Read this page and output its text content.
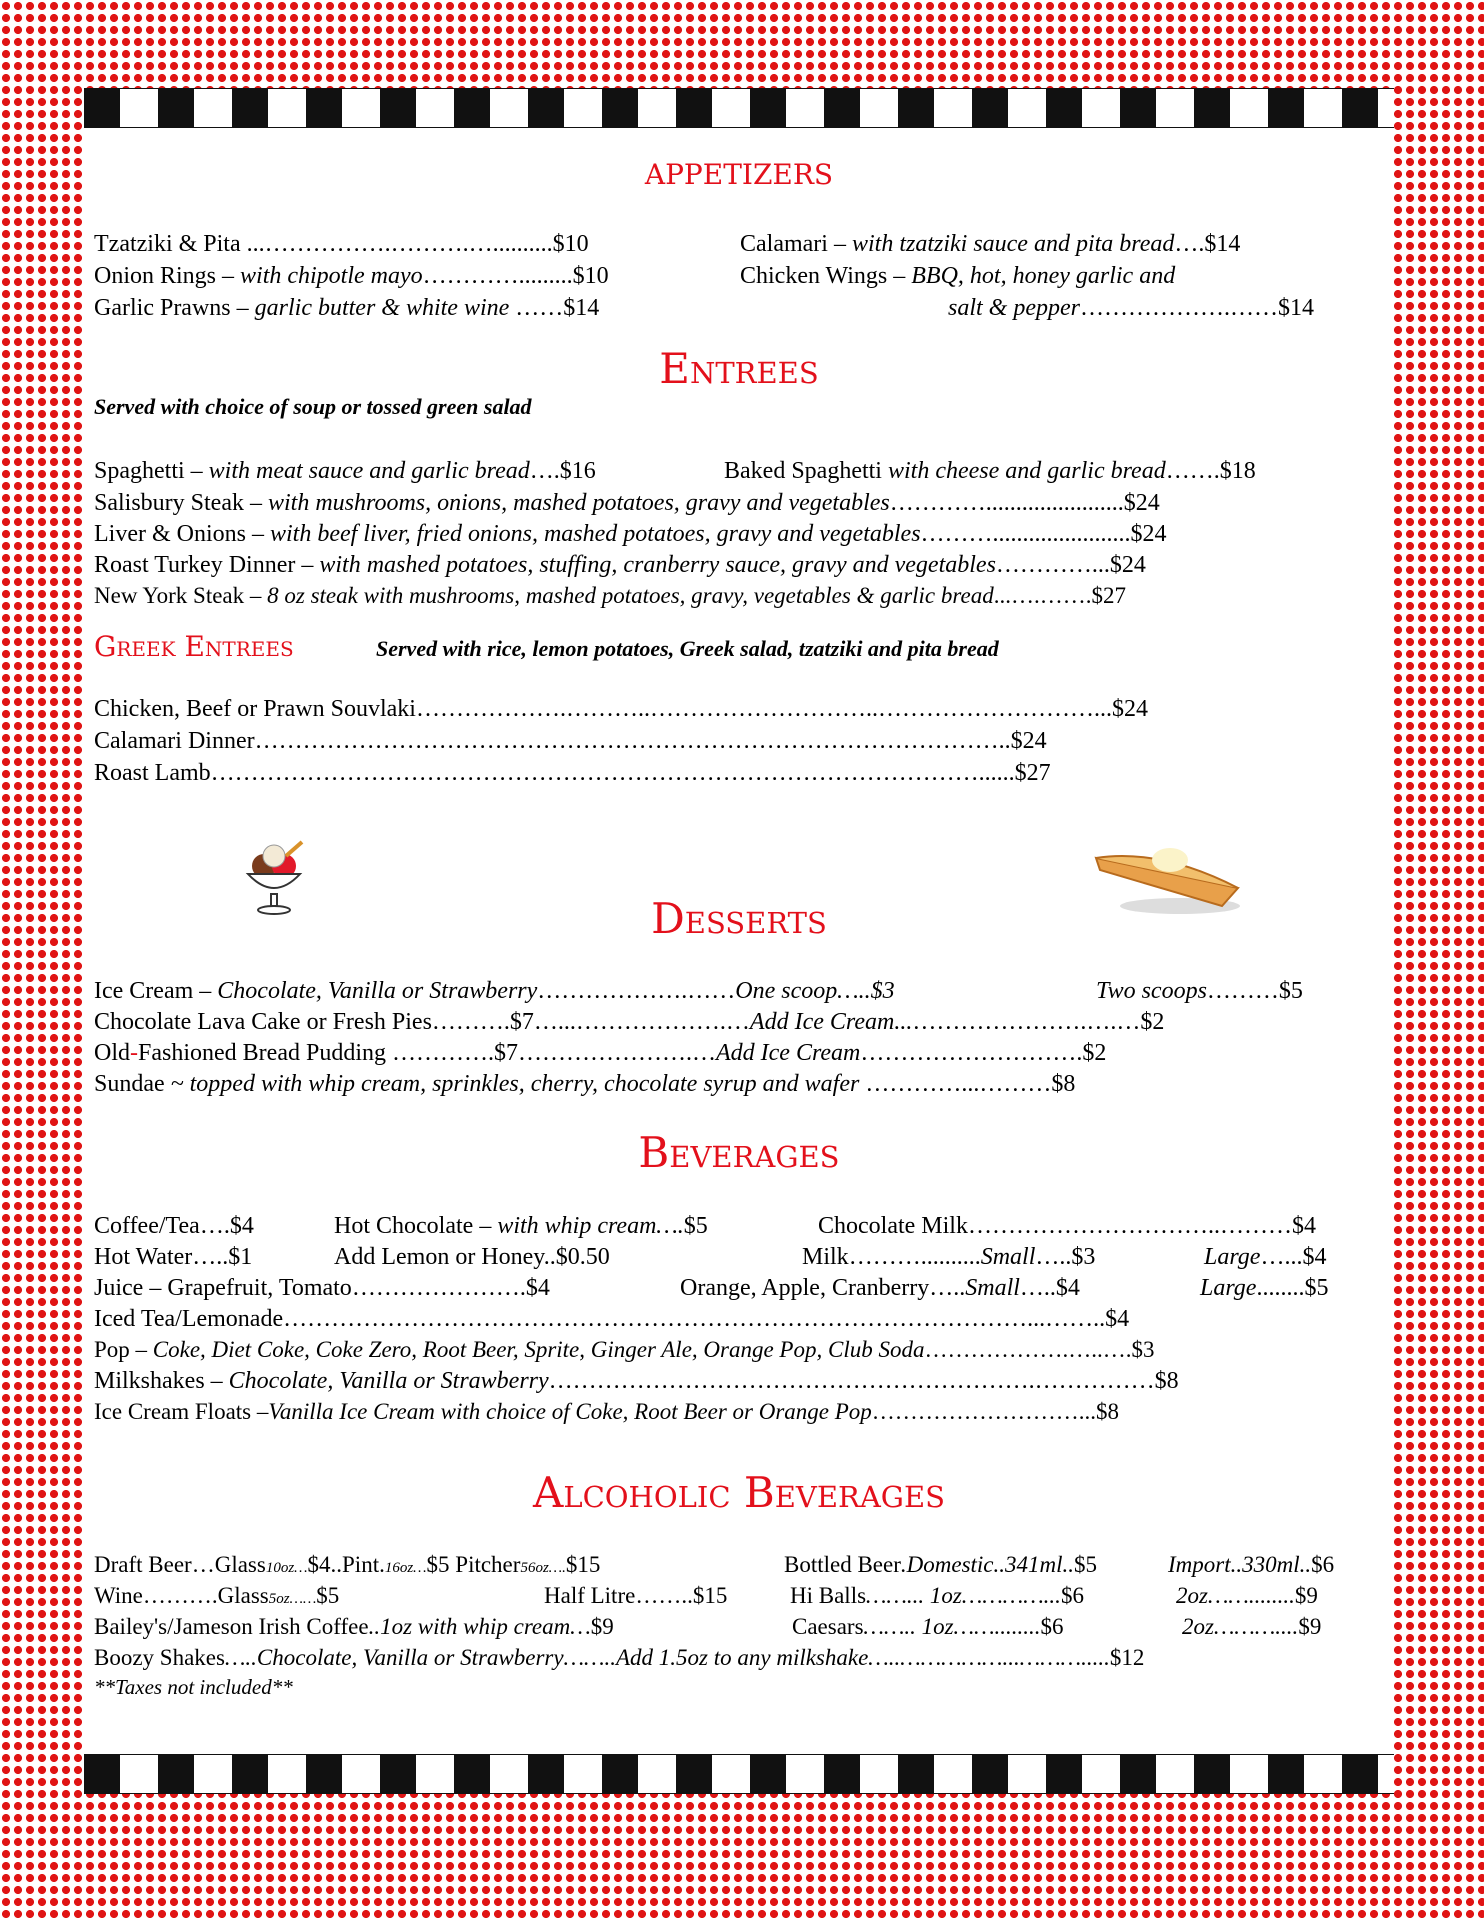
appetizers
Tzatziki & Pita ...…………….……….…..........$10
Onion Rings – with chipotle mayo………….........$10
Garlic Prawns – garlic butter & white wine ……$14
Calamari – with tzatziki sauce and pita bread….$14
Chicken Wings – BBQ, hot, honey garlic and
salt & pepper……………….……$14
Entrees
Served with choice of soup or tossed green salad
Spaghetti – with meat sauce and garlic bread….$16	Baked Spaghetti with cheese and garlic bread…….$18
Salisbury Steak – with mushrooms, onions, mashed potatoes, gravy and vegetables………….......................$24
Liver & Onions – with beef liver, fried onions, mashed potatoes, gravy and vegetables……….......................$24
Roast Turkey Dinner – with mashed potatoes, stuffing, cranberry sauce, gravy and vegetables…………...$24
New York Steak – 8 oz steak with mushrooms, mashed potatoes, gravy, vegetables & garlic bread...….…….$27
Greek Entrees	Served with rice, lemon potatoes, Greek salad, tzatziki and pita bread
Chicken, Beef or Prawn Souvlaki……………….………..………………………..………………………...$24
Calamari Dinner…………………………………………………………………………………..$24
Roast Lamb……………………………………………………………………………………......$27
Desserts
Ice Cream – Chocolate, Vanilla or Strawberry……………….……One scoop…..$3	Two scoops………$5
Chocolate Lava Cake or Fresh Pies……….$7…...……………….…Add Ice Cream...………………….….…$2
Old-Fashioned Bread Pudding ………….$7………………….…Add Ice Cream……………………….$2
Sundae ~ topped with whip cream, sprinkles, cherry, chocolate syrup and wafer …………...………$8
Beverages
Coffee/Tea….$4	Hot Chocolate – with whip cream….$5	Chocolate Milk…………………………..………$4
Hot Water…..$1	Add Lemon or Honey..$0.50	Milk………..........Small…..$3	Large…...$4
Juice – Grapefruit, Tomato………………….$4	Orange, Apple, Cranberry…..Small…..$4	Large........$5
Iced Tea/Lemonade…………………………………………………………………………………...……..$4
Pop – Coke, Diet Coke, Coke Zero, Root Beer, Sprite, Ginger Ale, Orange Pop, Club Soda……………….…..….$3
Milkshakes – Chocolate, Vanilla or Strawberry…………………………………………………….……………$8
Ice Cream Floats –Vanilla Ice Cream with choice of Coke, Root Beer or Orange Pop………………………...$8
Alcoholic Beverages
Draft Beer…Glass10oz…$4..Pint.16oz…$5 Pitcher56oz….$15	Bottled Beer.Domestic..341ml..$5	Import..330ml..$6
Wine……….Glass5oz……$5	Half Litre……..$15	Hi Balls……... 1oz…………...$6	2oz……........$9
Bailey's/Jameson Irish Coffee..1oz with whip cream…$9	Caesars…….. 1oz……........$6	2oz………....$9
Boozy Shakes…..Chocolate, Vanilla or Strawberry……..Add 1.5oz to any milkshake…..……………...……….....$12
**Taxes not included**
